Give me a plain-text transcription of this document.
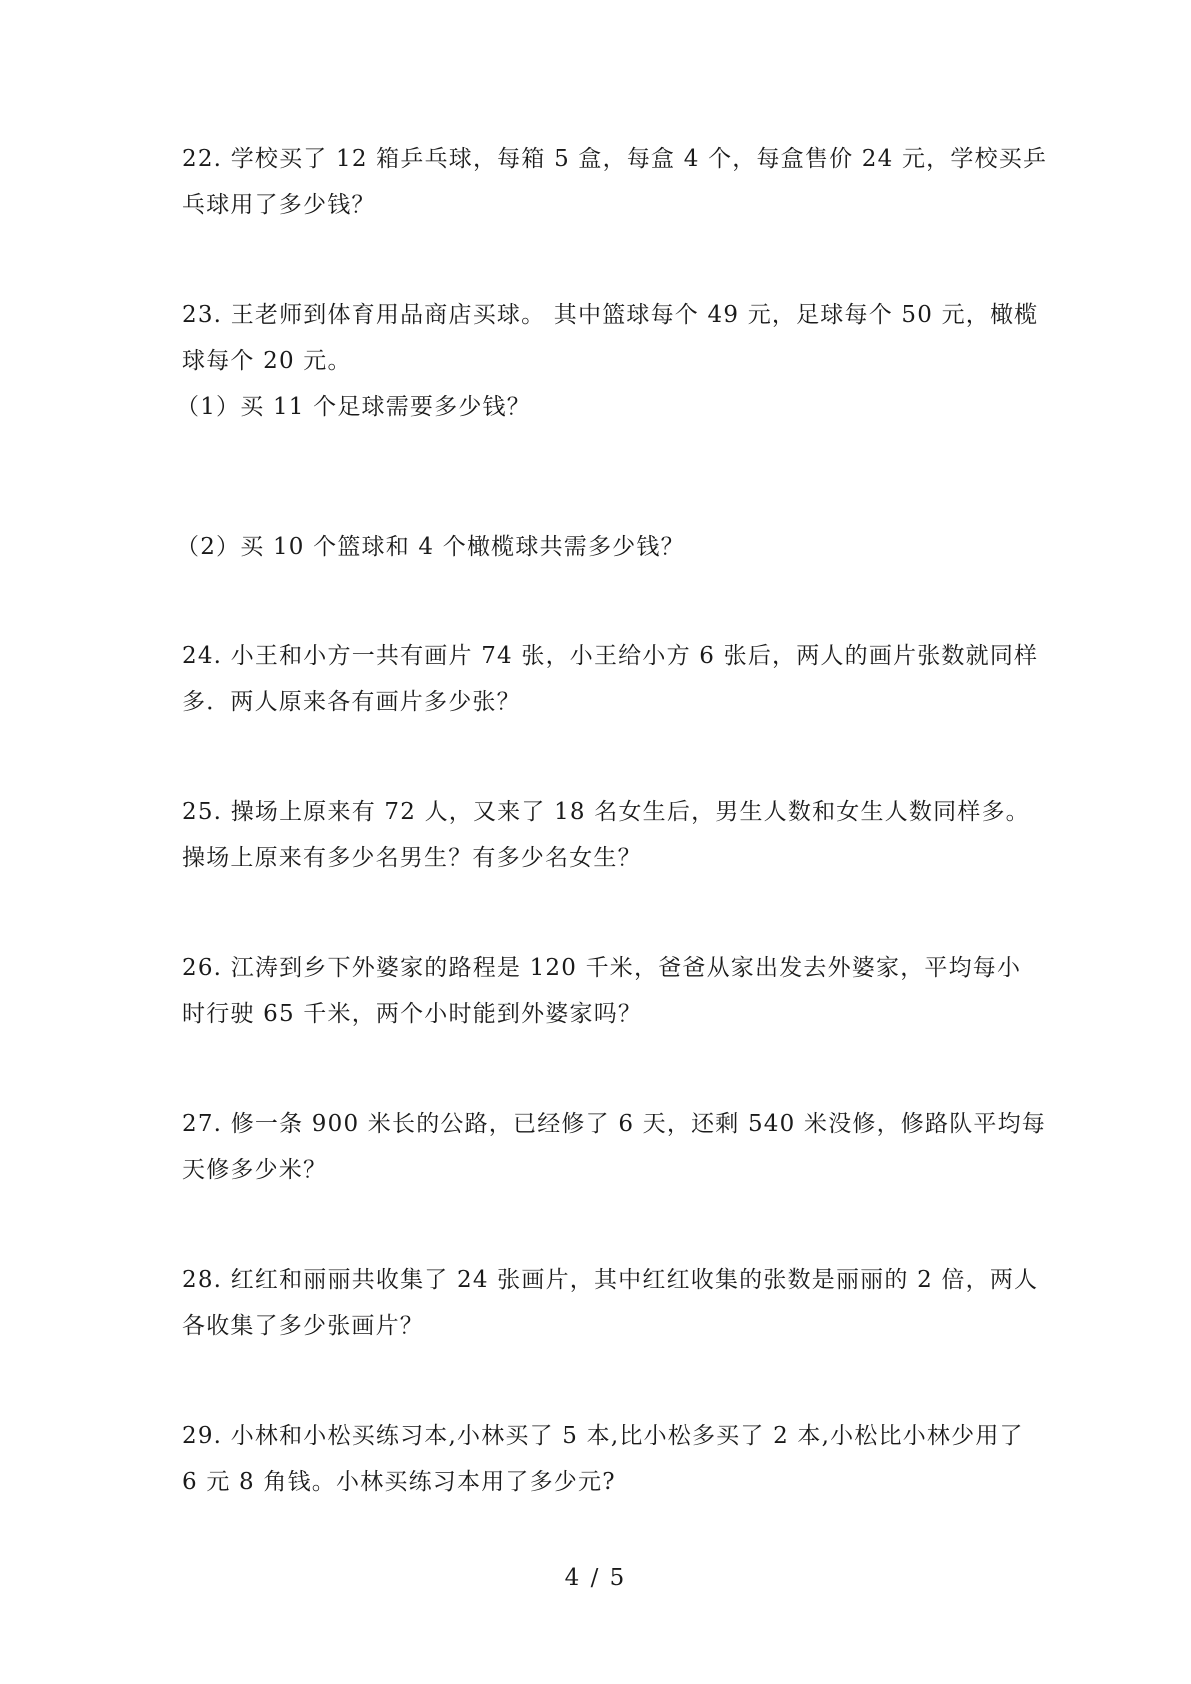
22. 学校买了 12 箱乒乓球，每箱 5 盒，每盒 4 个，每盒售价 24 元，学校买乒
乓球用了多少钱？
23. 王老师到体育用品商店买球。 其中篮球每个 49 元，足球每个 50 元，橄榄
球每个 20 元。
（1）买 11 个足球需要多少钱？
（2）买 10 个篮球和 4 个橄榄球共需多少钱？
24. 小王和小方一共有画片 74 张，小王给小方 6 张后，两人的画片张数就同样
多．两人原来各有画片多少张？
25. 操场上原来有 72 人，又来了 18 名女生后，男生人数和女生人数同样多。
操场上原来有多少名男生？有多少名女生？
26. 江涛到乡下外婆家的路程是 120 千米，爸爸从家出发去外婆家，平均每小
时行驶 65 千米，两个小时能到外婆家吗？
27. 修一条 900 米长的公路，已经修了 6 天，还剩 540 米没修，修路队平均每
天修多少米？
28. 红红和丽丽共收集了 24 张画片，其中红红收集的张数是丽丽的 2 倍，两人
各收集了多少张画片？
29. 小林和小松买练习本,小林买了 5 本,比小松多买了 2 本,小松比小林少用了
6 元 8 角钱。小林买练习本用了多少元?
4 / 5
